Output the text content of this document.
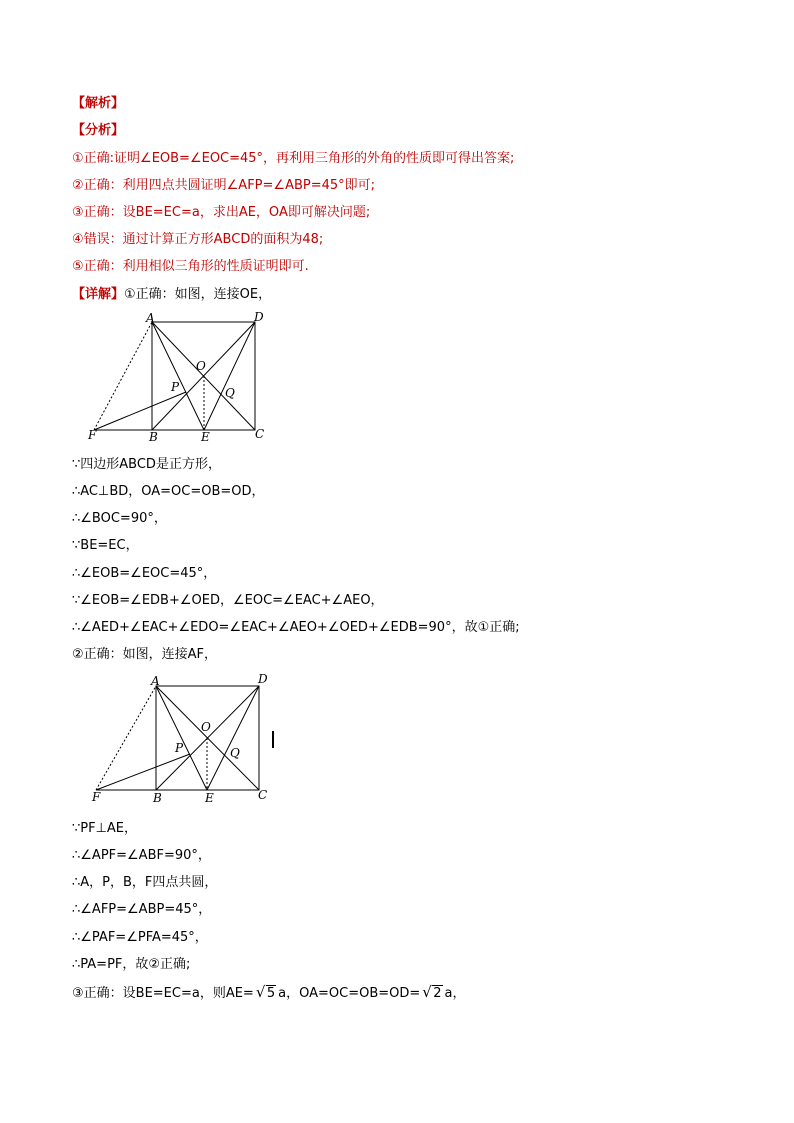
【解析】
【分析】
①正确:证明∠EOB=∠EOC=45°，再利用三角形的外角的性质即可得出答案;
②正确：利用四点共圆证明∠AFP=∠ABP=45°即可;
③正确：设BE=EC=a，求出AE，OA即可解决问题;
④错误：通过计算正方形ABCD的面积为48;
⑤正确：利用相似三角形的性质证明即可.
【详解】①正确：如图，连接OE，
A	D
O
P	Q
F	B	E	C
∵四边形ABCD是正方形，
∴AC⊥BD，OA=OC=OB=OD，
∴∠BOC=90°，
∵BE=EC，
∴∠EOB=∠EOC=45°，
∵∠EOB=∠EDB+∠OED，∠EOC=∠EAC+∠AEO，
∴∠AED+∠EAC+∠EDO=∠EAC+∠AEO+∠OED+∠EDB=90°，故①正确;
②正确：如图，连接AF，
A	D
O
P	Q
F	B	E	C
∵PF⊥AE，
∴∠APF=∠ABF=90°，
∴A，P，B，F四点共圆，
∴∠AFP=∠ABP=45°，
∴∠PAF=∠PFA=45°，
∴PA=PF，故②正确;
③正确：设BE=EC=a，则AE= √ 5 a，OA=OC=OB=OD= √ 2 a，
